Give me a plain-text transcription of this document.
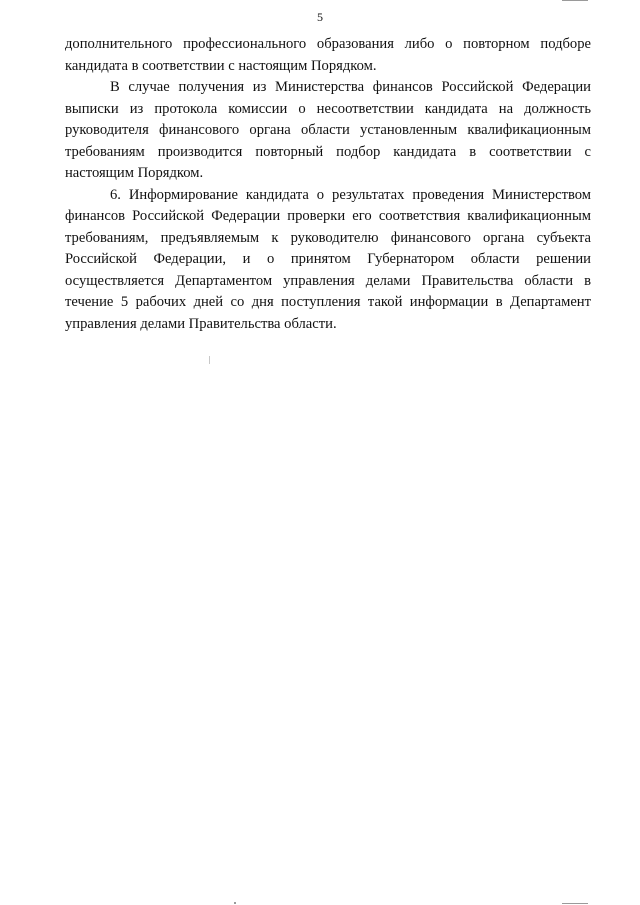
5

дополнительного профессионального образования либо о повторном подборе кандидата в соответствии с настоящим Порядком.

В случае получения из Министерства финансов Российской Федерации выписки из протокола комиссии о несоответствии кандидата на должность руководителя финансового органа области установленным квалификационным требованиям производится повторный подбор кандидата в соответствии с настоящим Порядком.

6. Информирование кандидата о результатах проведения Министерством финансов Российской Федерации проверки его соответствия квалификационным требованиям, предъявляемым к руководителю финансового органа субъекта Российской Федерации, и о принятом Губернатором области решении осуществляется Департаментом управления делами Правительства области в течение 5 рабочих дней со дня поступления такой информации в Департамент управления делами Правительства области.
